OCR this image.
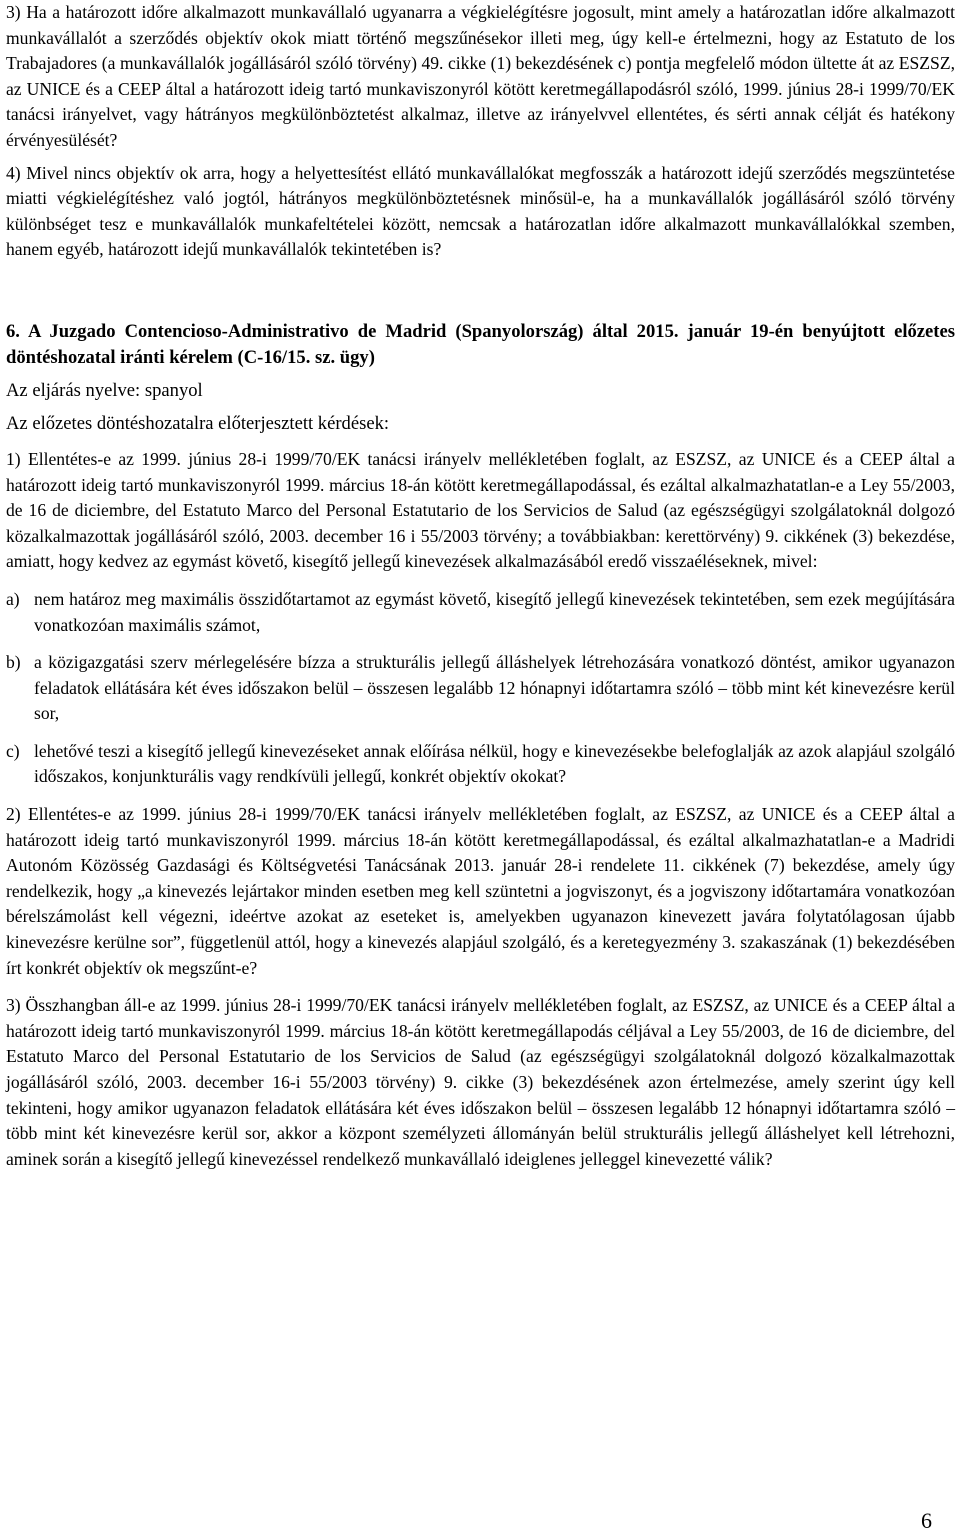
3) Ha a határozott időre alkalmazott munkavállaló ugyanarra a végkielégítésre jogosult, mint amely a határozatlan időre alkalmazott munkavállalót a szerződés objektív okok miatt történő megszűnésekor illeti meg, úgy kell-e értelmezni, hogy az Estatuto de los Trabajadores (a munkavállalók jogállásáról szóló törvény) 49. cikke (1) bekezdésének c) pontja megfelelő módon ültette át az ESZSZ, az UNICE és a CEEP által a határozott ideig tartó munkaviszonyról kötött keretmegállapodásról szóló, 1999. június 28-i 1999/70/EK tanácsi irányelvet, vagy hátrányos megkülönböztetést alkalmaz, illetve az irányelvvel ellentétes, és sérti annak célját és hatékony érvényesülését?

4) Mivel nincs objektív ok arra, hogy a helyettesítést ellátó munkavállalókat megfosszák a határozott idejű szerződés megszüntetése miatti végkielégítéshez való jogtól, hátrányos megkülönböztetésnek minősül-e, ha a munkavállalók jogállásáról szóló törvény különbséget tesz e munkavállalók munkafeltételei között, nemcsak a határozatlan időre alkalmazott munkavállalókkal szemben, hanem egyéb, határozott idejű munkavállalók tekintetében is?

6. A Juzgado Contencioso-Administrativo de Madrid (Spanyolország) által 2015. január 19-én benyújtott előzetes döntéshozatal iránti kérelem (C-16/15. sz. ügy)

Az eljárás nyelve: spanyol

Az előzetes döntéshozatalra előterjesztett kérdések:

1) Ellentétes-e az 1999. június 28-i 1999/70/EK tanácsi irányelv mellékletében foglalt, az ESZSZ, az UNICE és a CEEP által a határozott ideig tartó munkaviszonyról 1999. március 18-án kötött keretmegállapodással, és ezáltal alkalmazhatatlan-e a Ley 55/2003, de 16 de diciembre, del Estatuto Marco del Personal Estatutario de los Servicios de Salud (az egészségügyi szolgálatoknál dolgozó közalkalmazottak jogállásáról szóló, 2003. december 16 i 55/2003 törvény; a továbbiakban: kerettörvény) 9. cikkének (3) bekezdése, amiatt, hogy kedvez az egymást követő, kisegítő jellegű kinevezések alkalmazásából eredő visszaéléseknek, mivel:

a) nem határoz meg maximális összidőtartamot az egymást követő, kisegítő jellegű kinevezések tekintetében, sem ezek megújítására vonatkozóan maximális számot,

b) a közigazgatási szerv mérlegelésére bízza a strukturális jellegű álláshelyek létrehozására vonatkozó döntést, amikor ugyanazon feladatok ellátására két éves időszakon belül – összesen legalább 12 hónapnyi időtartamra szóló – több mint két kinevezésre kerül sor,

c) lehetővé teszi a kisegítő jellegű kinevezéseket annak előírása nélkül, hogy e kinevezésekbe belefoglalják az azok alapjául szolgáló időszakos, konjunkturális vagy rendkívüli jellegű, konkrét objektív okokat?

2) Ellentétes-e az 1999. június 28-i 1999/70/EK tanácsi irányelv mellékletében foglalt, az ESZSZ, az UNICE és a CEEP által a határozott ideig tartó munkaviszonyról 1999. március 18-án kötött keretmegállapodással, és ezáltal alkalmazhatatlan-e a Madridi Autonóm Közösség Gazdasági és Költségvetési Tanácsának 2013. január 28-i rendelete 11. cikkének (7) bekezdése, amely úgy rendelkezik, hogy „a kinevezés lejártakor minden esetben meg kell szüntetni a jogviszonyt, és a jogviszony időtartamára vonatkozóan bérelszámolást kell végezni, ideértve azokat az eseteket is, amelyekben ugyanazon kinevezett javára folytatólagosan újabb kinevezésre kerülne sor”, függetlenül attól, hogy a kinevezés alapjául szolgáló, és a keretegyezmény 3. szakaszának (1) bekezdésében írt konkrét objektív ok megszűnt-e?

3) Összhangban áll-e az 1999. június 28-i 1999/70/EK tanácsi irányelv mellékletében foglalt, az ESZSZ, az UNICE és a CEEP által a határozott ideig tartó munkaviszonyról 1999. március 18-án kötött keretmegállapodás céljával a Ley 55/2003, de 16 de diciembre, del Estatuto Marco del Personal Estatutario de los Servicios de Salud (az egészségügyi szolgálatoknál dolgozó közalkalmazottak jogállásáról szóló, 2003. december 16-i 55/2003 törvény) 9. cikke (3) bekezdésének azon értelmezése, amely szerint úgy kell tekinteni, hogy amikor ugyanazon feladatok ellátására két éves időszakon belül – összesen legalább 12 hónapnyi időtartamra szóló – több mint két kinevezésre kerül sor, akkor a központ személyzeti állományán belül strukturális jellegű álláshelyet kell létrehozni, aminek során a kisegítő jellegű kinevezéssel rendelkező munkavállaló ideiglenes jelleggel kinevezetté válik?

6
